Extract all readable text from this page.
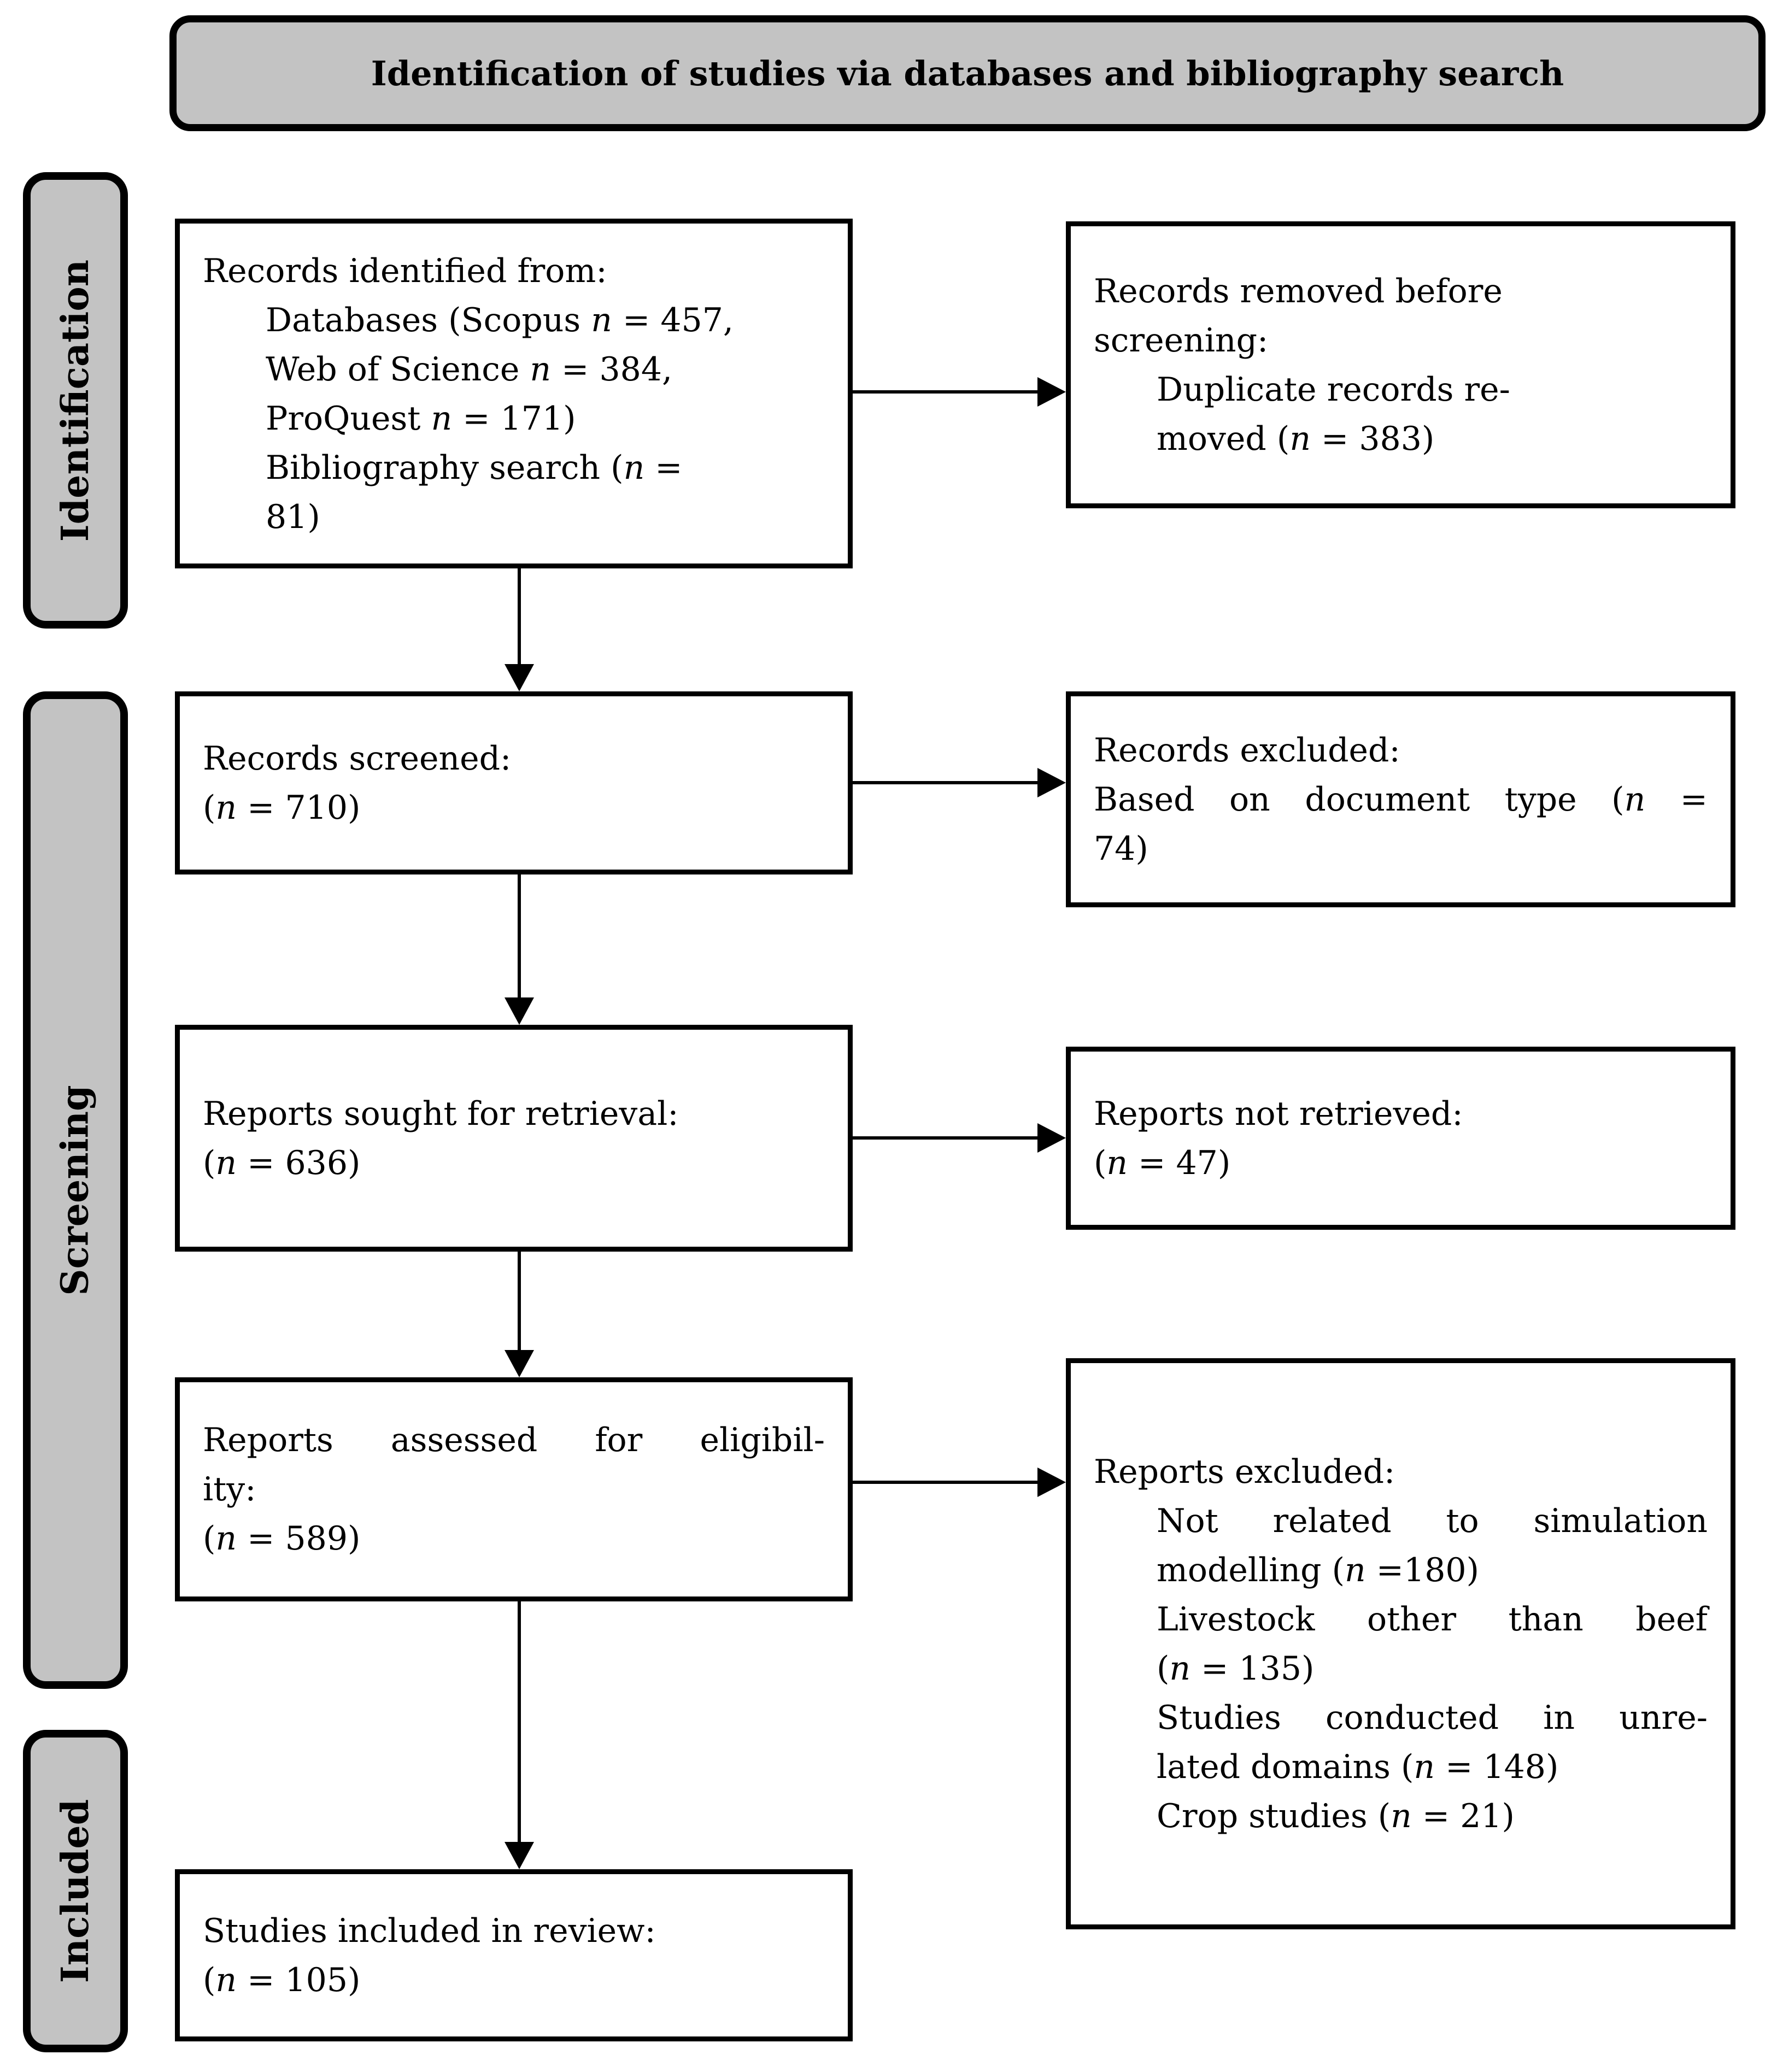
Identification of studies via databases and bibliography search
Identification
Screening
Included
Records identified from:
Databases (Scopus n = 457,
Web of Science n = 384,
ProQuest n = 171)
Bibliography search (n =
81)
Records removed before
screening:
Duplicate records re-
moved (n = 383)
Records screened:
(n = 710)
Records excluded:
Based on document type (n =
74)
Reports sought for retrieval:
(n = 636)
Reports not retrieved:
(n = 47)
Reports assessed for eligibil-
ity:
(n = 589)
Reports excluded:
Not related to simulation
modelling (n =180)
Livestock other than beef
(n = 135)
Studies conducted in unre-
lated domains (n = 148)
Crop studies (n = 21)
Studies included in review:
(n = 105)
